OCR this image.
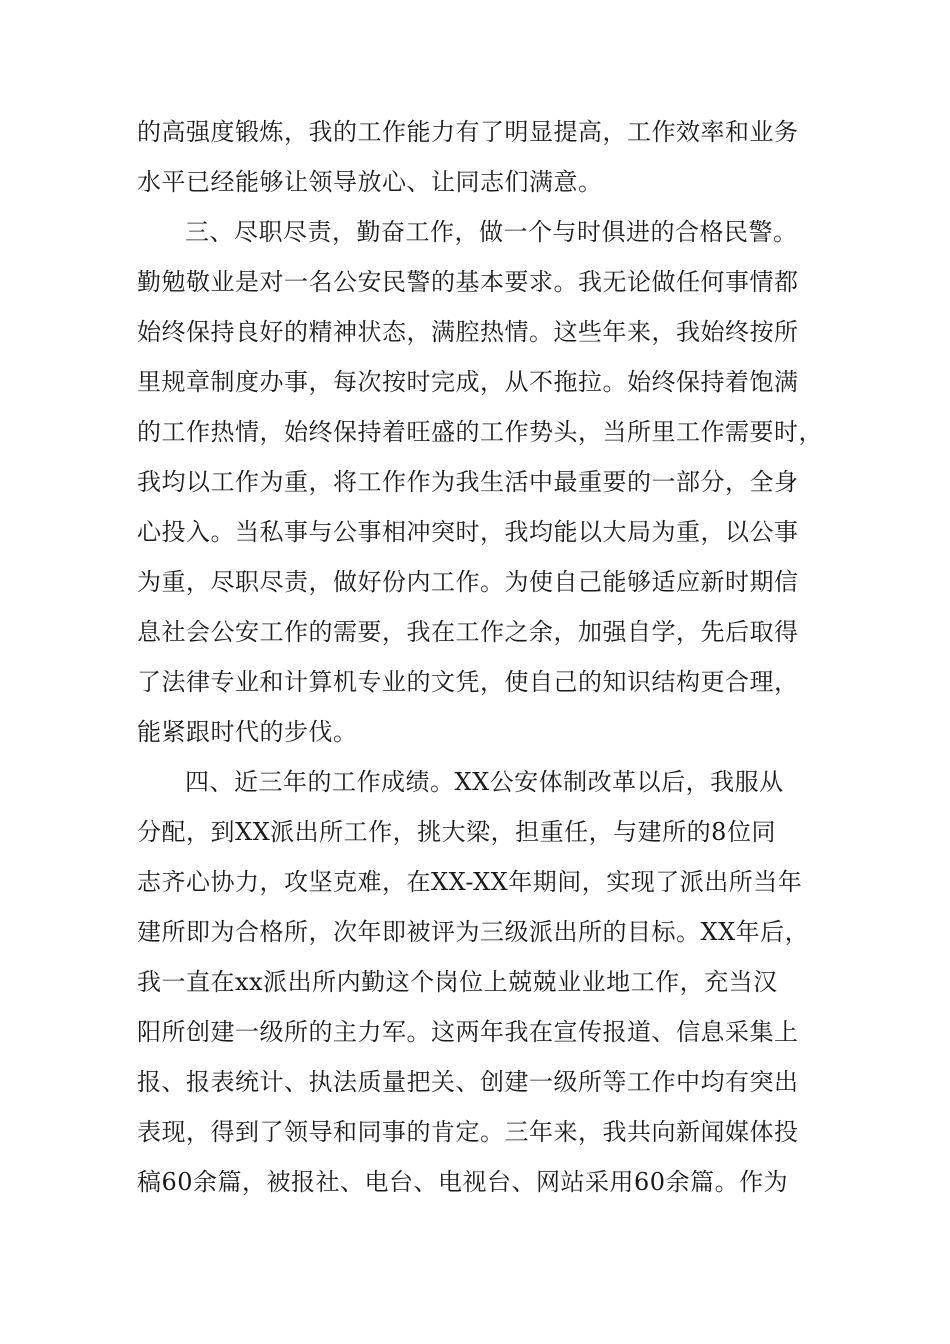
的高强度锻炼，我的工作能力有了明显提高，工作效率和业务
水平已经能够让领导放心、让同志们满意。
三、尽职尽责，勤奋工作，做一个与时俱进的合格民警。
勤勉敬业是对一名公安民警的基本要求。我无论做任何事情都
始终保持良好的精神状态，满腔热情。这些年来，我始终按所
里规章制度办事，每次按时完成，从不拖拉。始终保持着饱满
的工作热情，始终保持着旺盛的工作势头，当所里工作需要时，
我均以工作为重，将工作作为我生活中最重要的一部分，全身
心投入。当私事与公事相冲突时，我均能以大局为重，以公事
为重，尽职尽责，做好份内工作。为使自己能够适应新时期信
息社会公安工作的需要，我在工作之余，加强自学，先后取得
了法律专业和计算机专业的文凭，使自己的知识结构更合理，
能紧跟时代的步伐。
四、近三年的工作成绩。XX公安体制改革以后，我服从
分配，到XX派出所工作，挑大梁，担重任，与建所的8位同
志齐心协力，攻坚克难，在XX-XX年期间，实现了派出所当年
建所即为合格所，次年即被评为三级派出所的目标。XX年后，
我一直在xx派出所内勤这个岗位上兢兢业业地工作，充当汉
阳所创建一级所的主力军。这两年我在宣传报道、信息采集上
报、报表统计、执法质量把关、创建一级所等工作中均有突出
表现，得到了领导和同事的肯定。三年来，我共向新闻媒体投
稿60余篇，被报社、电台、电视台、网站采用60余篇。作为
